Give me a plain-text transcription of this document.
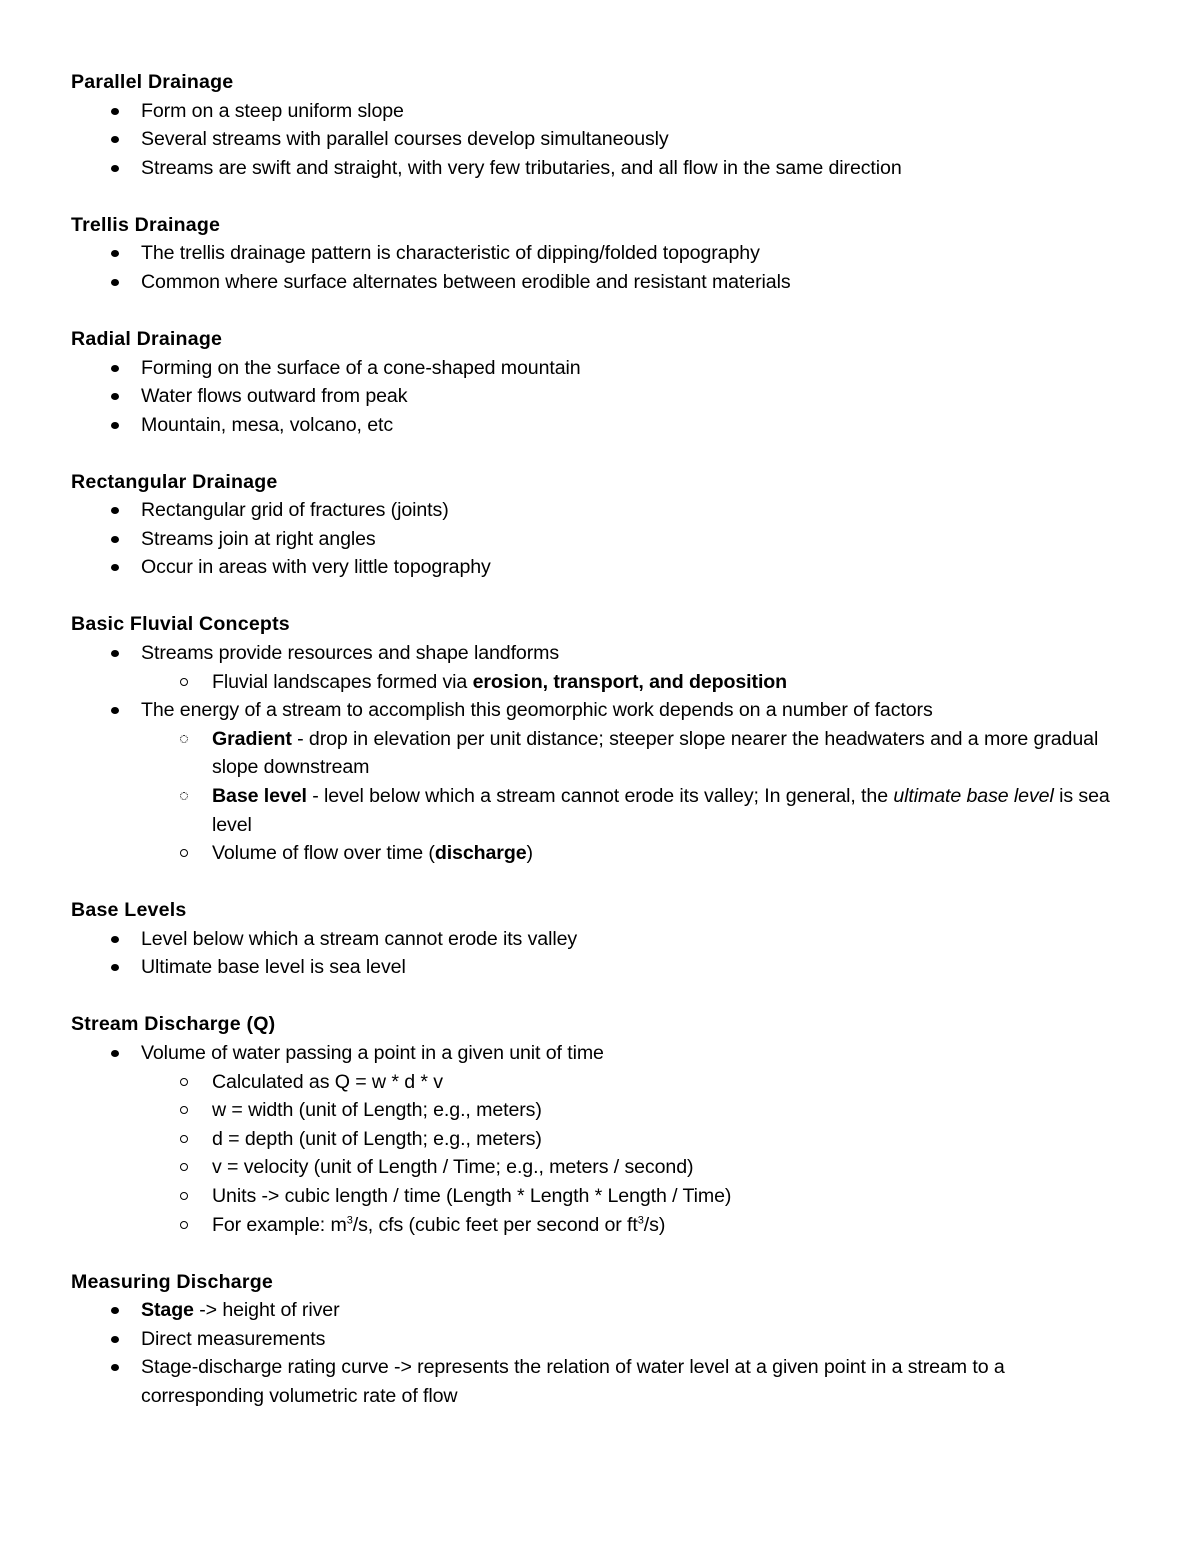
Parallel Drainage
Form on a steep uniform slope
Several streams with parallel courses develop simultaneously
Streams are swift and straight, with very few tributaries, and all flow in the same direction
Trellis Drainage
The trellis drainage pattern is characteristic of dipping/folded topography
Common where surface alternates between erodible and resistant materials
Radial Drainage
Forming on the surface of a cone-shaped mountain
Water flows outward from peak
Mountain, mesa, volcano, etc
Rectangular Drainage
Rectangular grid of fractures (joints)
Streams join at right angles
Occur in areas with very little topography
Basic Fluvial Concepts
Streams provide resources and shape landforms
Fluvial landscapes formed via erosion, transport, and deposition
The energy of a stream to accomplish this geomorphic work depends on a number of factors
Gradient - drop in elevation per unit distance; steeper slope nearer the headwaters and a more gradual slope downstream
Base level - level below which a stream cannot erode its valley; In general, the ultimate base level is sea level
Volume of flow over time (discharge)
Base Levels
Level below which a stream cannot erode its valley
Ultimate base level is sea level
Stream Discharge (Q)
Volume of water passing a point in a given unit of time
Calculated as Q = w * d * v
w = width (unit of Length; e.g., meters)
d = depth (unit of Length; e.g., meters)
v = velocity (unit of Length / Time; e.g., meters / second)
Units -> cubic length / time (Length * Length * Length / Time)
For example: $m^3/s$, cfs (cubic feet per second or $ft^3/s$)
Measuring Discharge
Stage -> height of river
Direct measurements
Stage-discharge rating curve -> represents the relation of water level at a given point in a stream to a corresponding volumetric rate of flow
